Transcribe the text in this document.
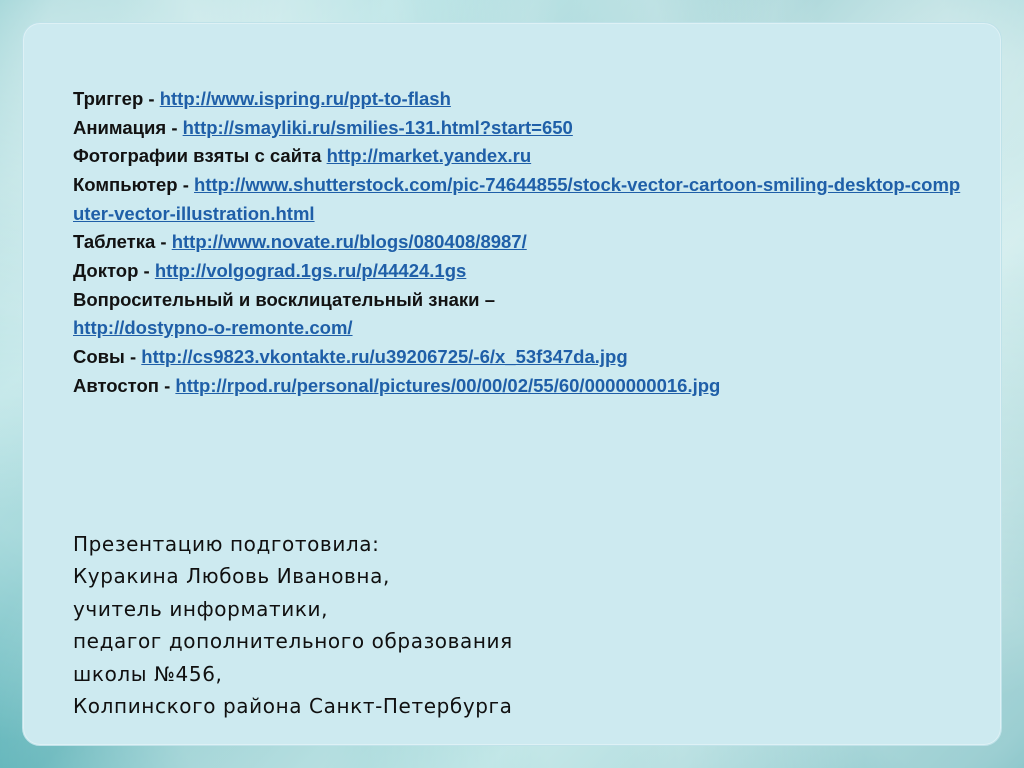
Триггер - http://www.ispring.ru/ppt-to-flash
Анимация - http://smayliki.ru/smilies-131.html?start=650
Фотографии взяты с сайта http://market.yandex.ru
Компьютер - http://www.shutterstock.com/pic-74644855/stock-vector-cartoon-smiling-desktop-computer-vector-illustration.html
Таблетка - http://www.novate.ru/blogs/080408/8987/
Доктор - http://volgograd.1gs.ru/p/44424.1gs
Вопросительный и восклицательный знаки –
http://dostypno-o-remonte.com/
Совы - http://cs9823.vkontakte.ru/u39206725/-6/x_53f347da.jpg
Автостоп - http://rpod.ru/personal/pictures/00/00/02/55/60/0000000016.jpg
Презентацию подготовила:
Куракина Любовь Ивановна,
учитель информатики,
педагог дополнительного образования
школы №456,
Колпинского района Санкт-Петербурга
